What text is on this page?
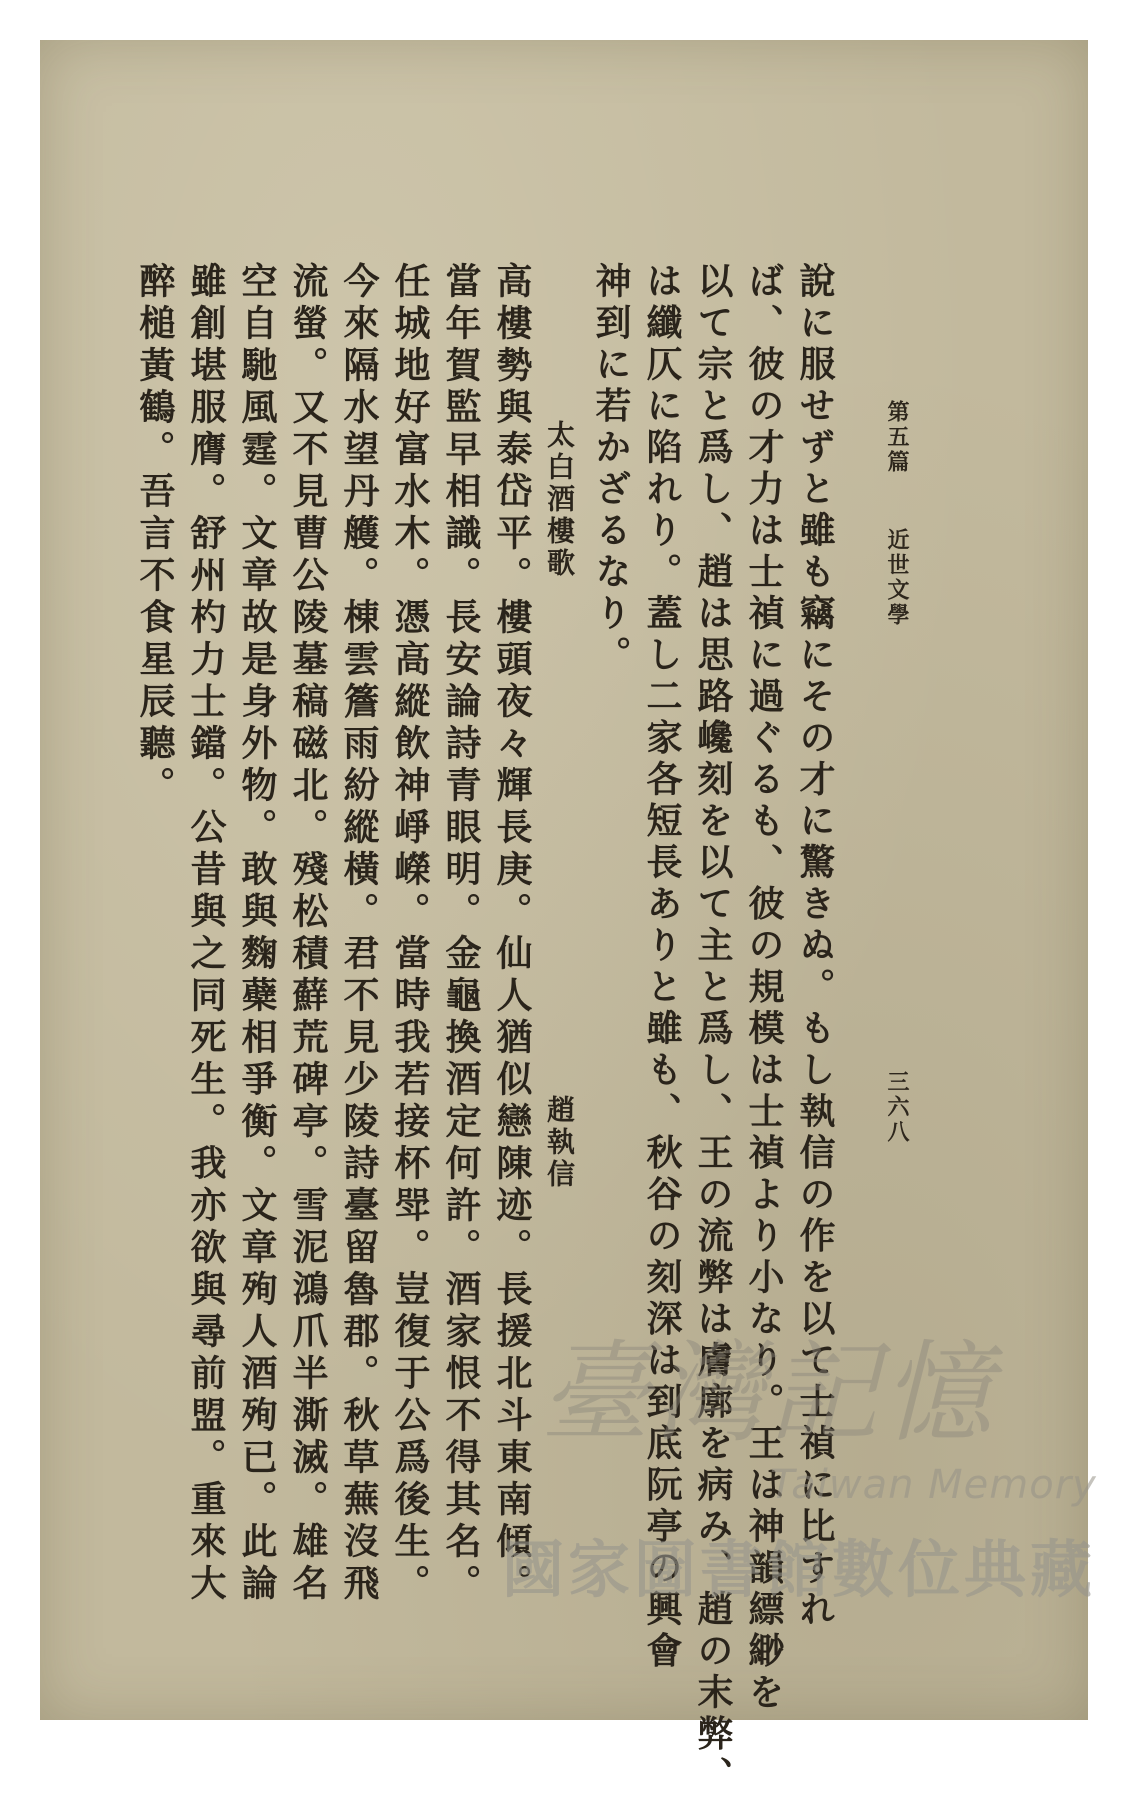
第五篇
近世文學
三六八
說に服せずと雖も竊にその才に驚きぬ。もし執信の作を以て士禎に比すれ
ば、彼の才力は士禎に過ぐるも、彼の規模は士禎より小なり。王は神韻縹緲を
以て宗と爲し、趙は思路巉刻を以て主と爲し、王の流弊は膚廓を病み、趙の末弊、
は纖仄に陷れり。蓋し二家各短長ありと雖も、秋谷の刻深は到底阮亭の興會
神到に若かざるなり。
太白酒樓歌
趙執信
高樓勢與泰岱平。樓頭夜々輝長庚。仙人猶似戀陳迹。長援北斗東南傾。
當年賀監早相識。長安論詩青眼明。金龜換酒定何許。酒家恨不得其名。
任城地好富水木。憑高縱飲神崢嶸。當時我若接杯斝。豈復于公爲後生。
今來隔水望丹艧。棟雲簷雨紛縱橫。君不見少陵詩臺留魯郡。秋草蕪沒飛
流螢。又不見曹公陵墓稿磁北。殘松積蘚荒碑亭。雪泥鴻爪半澌滅。雄名
空自馳風霆。文章故是身外物。敢與麴蘗相爭衡。文章殉人酒殉已。此論
雖創堪服膺。舒州杓力士鐺。公昔與之同死生。我亦欲與尋前盟。重來大
醉槌黃鶴。吾言不食星辰聽。
臺灣記憶
Taiwan Memory
國家圖書館數位典藏
